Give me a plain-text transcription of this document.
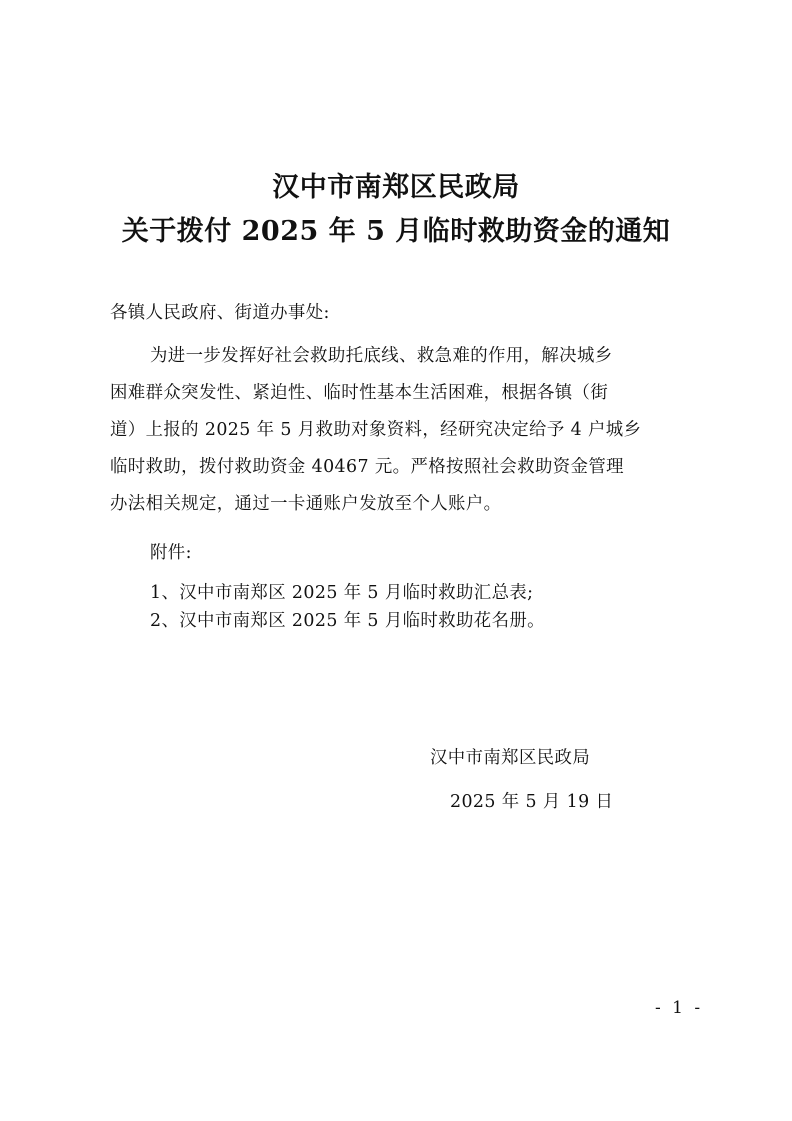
汉中市南郑区民政局
关于拨付 2025 年 5 月临时救助资金的通知
各镇人民政府、街道办事处:
为进一步发挥好社会救助托底线、救急难的作用，解决城乡
困难群众突发性、紧迫性、临时性基本生活困难，根据各镇（街
道）上报的 2025 年 5 月救助对象资料，经研究决定给予 4 户城乡
临时救助，拨付救助资金 40467 元。严格按照社会救助资金管理
办法相关规定，通过一卡通账户发放至个人账户。
附件:
1、汉中市南郑区 2025 年 5 月临时救助汇总表;
2、汉中市南郑区 2025 年 5 月临时救助花名册。
汉中市南郑区民政局
2025 年 5 月 19 日
- 1 -
